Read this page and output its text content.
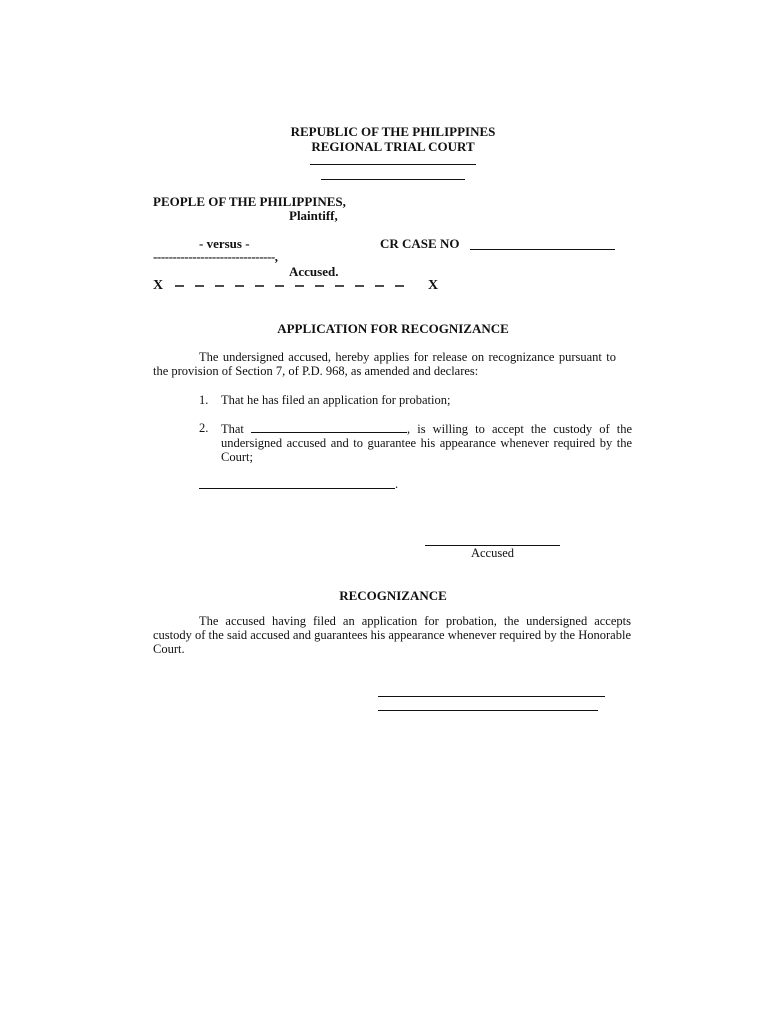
REPUBLIC OF THE PHILIPPINES
REGIONAL TRIAL COURT
PEOPLE OF THE PHILIPPINES,
Plaintiff,
- versus -	CR CASE NO
-------------------------------,
Accused.
X	X
APPLICATION FOR RECOGNIZANCE
The undersigned accused, hereby applies for release on recognizance pursuant to the provision of Section 7, of P.D. 968, as amended and declares:
1. That he has filed an application for probation;
2. That	, is willing to accept the custody of the undersigned accused and to guarantee his appearance whenever required by the Court;
.
Accused
RECOGNIZANCE
The accused having filed an application for probation, the undersigned accepts custody of the said accused and guarantees his appearance whenever required by the Honorable Court.
